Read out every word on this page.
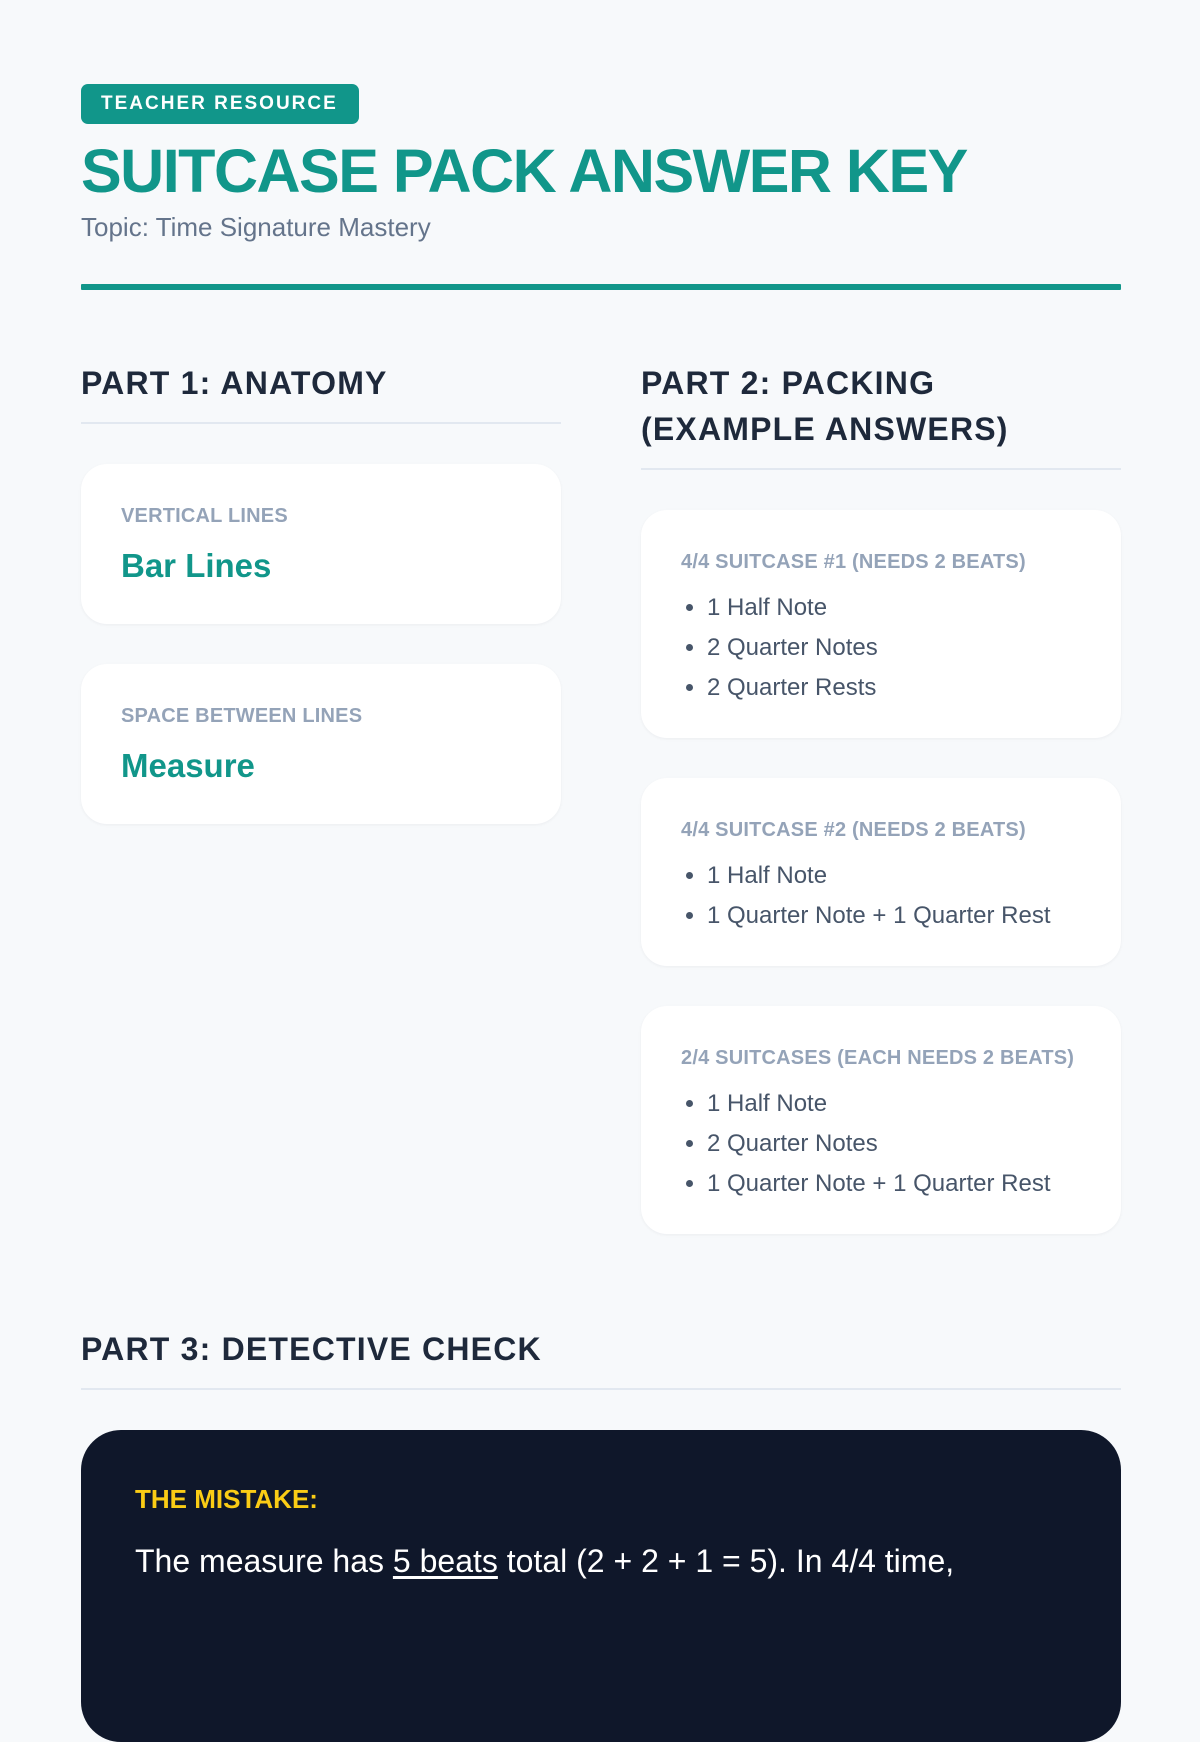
TEACHER RESOURCE
SUITCASE PACK ANSWER KEY
Topic: Time Signature Mastery
PART 1: ANATOMY
VERTICAL LINES
Bar Lines
SPACE BETWEEN LINES
Measure
PART 2: PACKING
(EXAMPLE ANSWERS)
4/4 SUITCASE #1 (NEEDS 2 BEATS)
• 1 Half Note
• 2 Quarter Notes
• 2 Quarter Rests
4/4 SUITCASE #2 (NEEDS 2 BEATS)
• 1 Half Note
• 1 Quarter Note + 1 Quarter Rest
2/4 SUITCASES (EACH NEEDS 2 BEATS)
• 1 Half Note
• 2 Quarter Notes
• 1 Quarter Note + 1 Quarter Rest
PART 3: DETECTIVE CHECK
THE MISTAKE:
The measure has 5 beats total (2 + 2 + 1 = 5). In 4/4 time,
